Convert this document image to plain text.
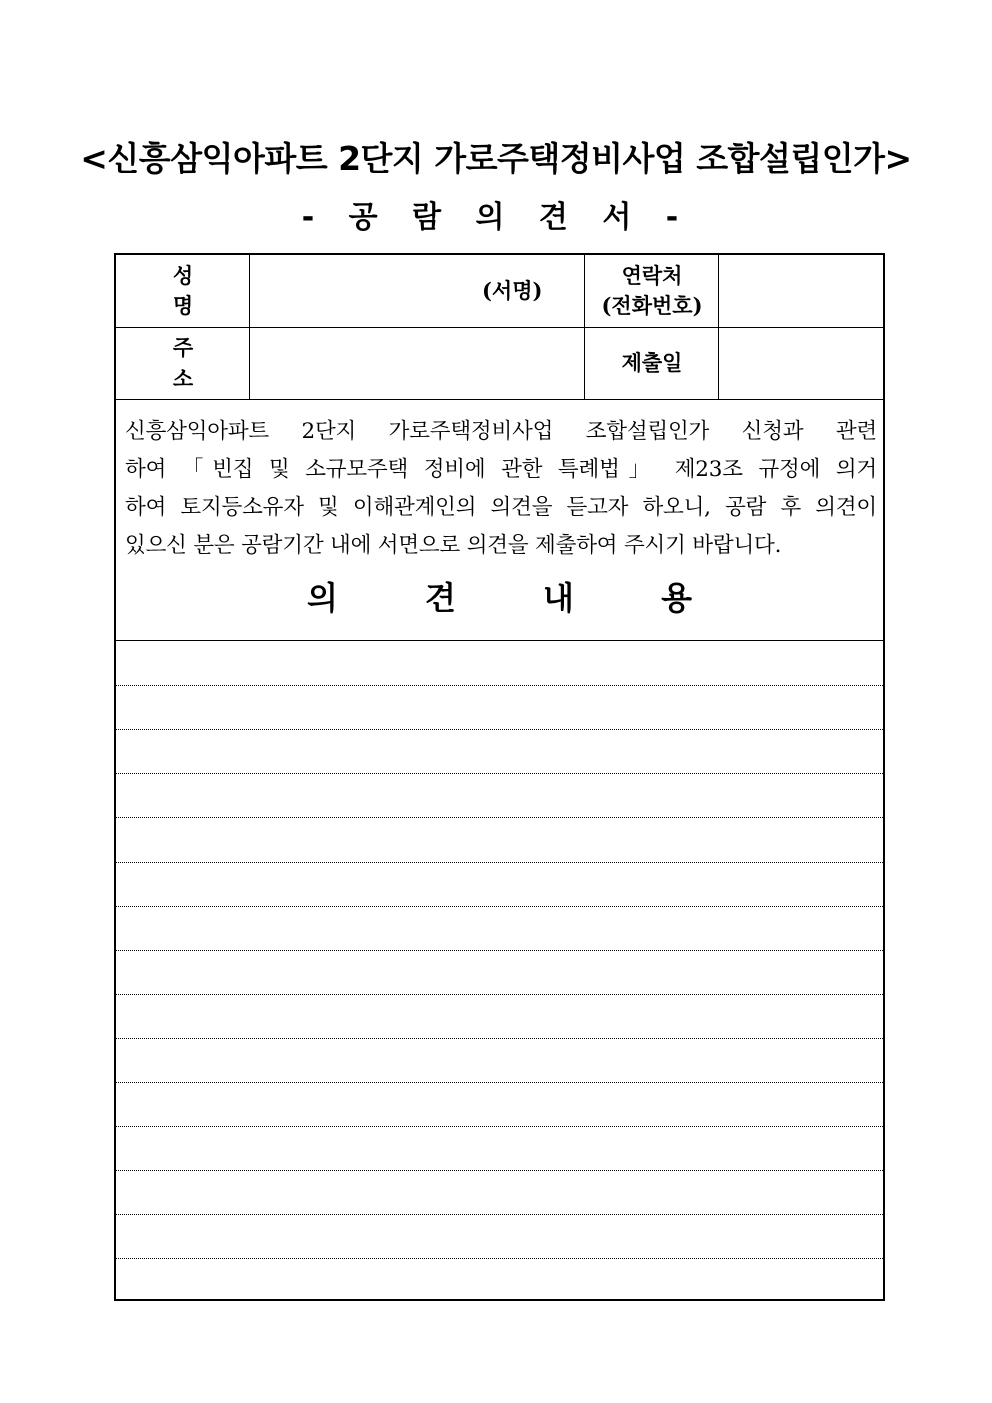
<신흥삼익아파트 2단지 가로주택정비사업 조합설립인가>
- 공 람 의 견 서 -
성 명
(서명)
연락처
(전화번호)
주 소
제출일
신흥삼익아파트 2단지 가로주택정비사업 조합설립인가 신청과 관련
하여 「빈집 및 소규모주택 정비에 관한 특례법」 제23조 규정에 의거
하여 토지등소유자 및 이해관계인의 의견을 듣고자 하오니, 공람 후 의견이
있으신 분은 공람기간 내에 서면으로 의견을 제출하여 주시기 바랍니다.
의 견 내 용
